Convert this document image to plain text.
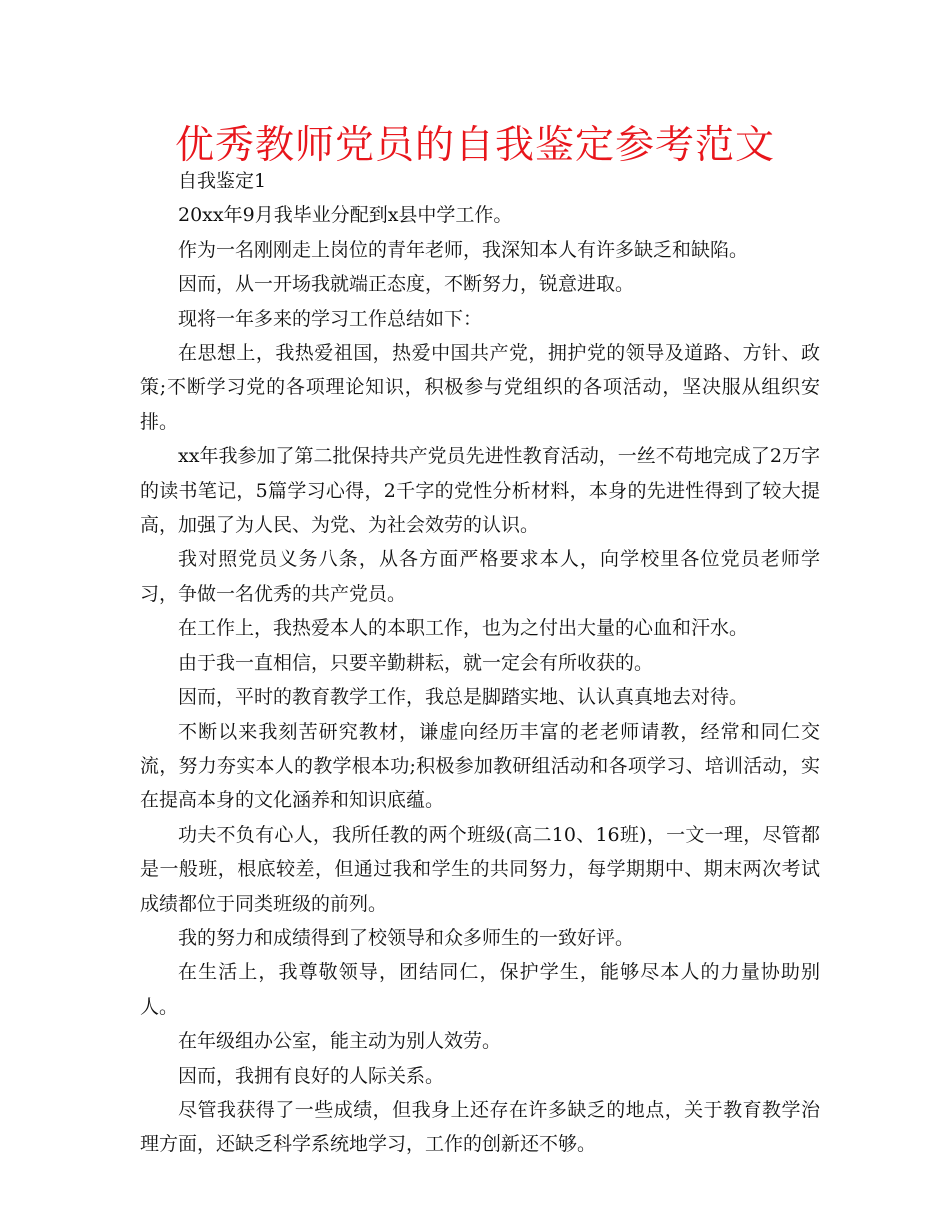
优秀教师党员的自我鉴定参考范文

自我鉴定1

20xx年9月我毕业分配到x县中学工作。

作为一名刚刚走上岗位的青年老师，我深知本人有许多缺乏和缺陷。

因而，从一开场我就端正态度，不断努力，锐意进取。

现将一年多来的学习工作总结如下：

在思想上，我热爱祖国，热爱中国共产党，拥护党的领导及道路、方针、政策;不断学习党的各项理论知识，积极参与党组织的各项活动，坚决服从组织安排。

xx年我参加了第二批保持共产党员先进性教育活动，一丝不苟地完成了2万字的读书笔记，5篇学习心得，2千字的党性分析材料，本身的先进性得到了较大提高，加强了为人民、为党、为社会效劳的认识。

我对照党员义务八条，从各方面严格要求本人，向学校里各位党员老师学习，争做一名优秀的共产党员。

在工作上，我热爱本人的本职工作，也为之付出大量的心血和汗水。

由于我一直相信，只要辛勤耕耘，就一定会有所收获的。

因而，平时的教育教学工作，我总是脚踏实地、认认真真地去对待。

不断以来我刻苦研究教材，谦虚向经历丰富的老老师请教，经常和同仁交流，努力夯实本人的教学根本功;积极参加教研组活动和各项学习、培训活动，实在提高本身的文化涵养和知识底蕴。

功夫不负有心人，我所任教的两个班级(高二10、16班)，一文一理，尽管都是一般班，根底较差，但通过我和学生的共同努力，每学期期中、期末两次考试成绩都位于同类班级的前列。

我的努力和成绩得到了校领导和众多师生的一致好评。

在生活上，我尊敬领导，团结同仁，保护学生，能够尽本人的力量协助别人。

在年级组办公室，能主动为别人效劳。

因而，我拥有良好的人际关系。

尽管我获得了一些成绩，但我身上还存在许多缺乏的地点，关于教育教学治理方面，还缺乏科学系统地学习，工作的创新还不够。
